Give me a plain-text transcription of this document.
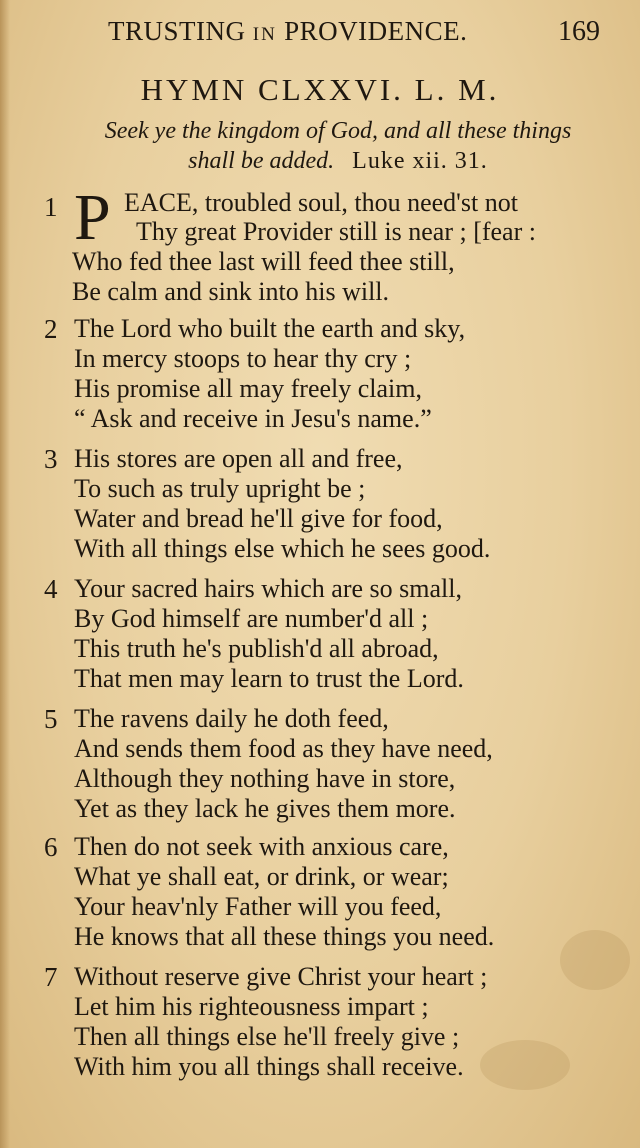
TRUSTING IN PROVIDENCE.	169
HYMN CLXXVI. L. M.
Seek ye the kingdom of God, and all these things
shall be added. Luke xii. 31.
1 P EACE, troubled soul, thou need'st not
Thy great Provider still is near ; [fear :
Who fed thee last will feed thee still,
Be calm and sink into his will.
2 The Lord who built the earth and sky,
In mercy stoops to hear thy cry ;
His promise all may freely claim,
“ Ask and receive in Jesu's name.”
3 His stores are open all and free,
To such as truly upright be ;
Water and bread he'll give for food,
With all things else which he sees good.
4 Your sacred hairs which are so small,
By God himself are number'd all ;
This truth he's publish'd all abroad,
That men may learn to trust the Lord.
5 The ravens daily he doth feed,
And sends them food as they have need,
Although they nothing have in store,
Yet as they lack he gives them more.
6 Then do not seek with anxious care,
What ye shall eat, or drink, or wear;
Your heav'nly Father will you feed,
He knows that all these things you need.
7 Without reserve give Christ your heart ;
Let him his righteousness impart ;
Then all things else he'll freely give ;
With him you all things shall receive.
